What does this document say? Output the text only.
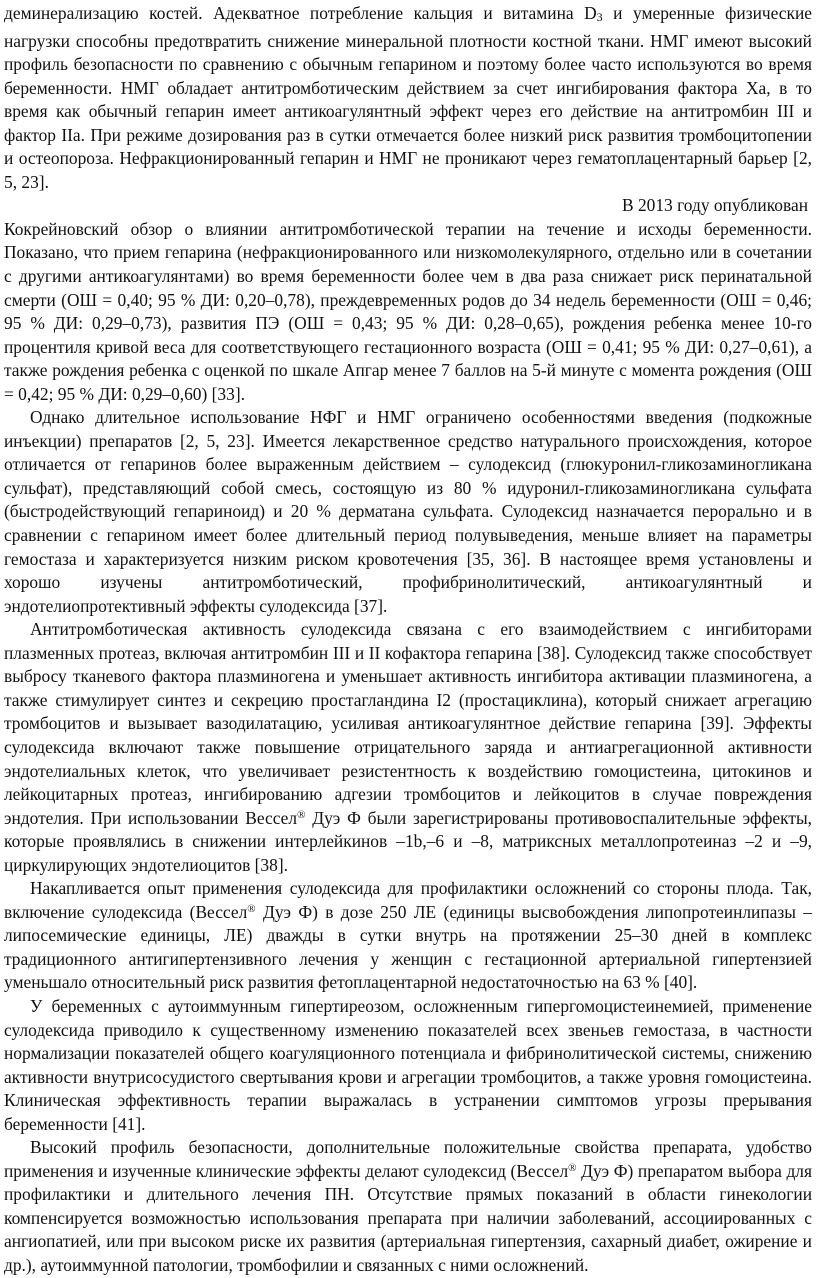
деминерализацию костей. Адекватное потребление кальция и витамина D3 и умеренные физические нагрузки способны предотвратить снижение минеральной плотности костной ткани. НМГ имеют высокий профиль безопасности по сравнению с обычным гепарином и поэтому более часто используются во время беременности. НМГ обладает антитромботическим действием за счет ингибирования фактора Ха, в то время как обычный гепарин имеет антикоагулянтный эффект через его действие на антитромбин III и фактор IIa. При режиме дозирования раз в сутки отмечается более низкий риск развития тромбоцитопении и остеопороза. Нефракционированный гепарин и НМГ не проникают через гематоплацентарный барьер [2, 5, 23].

В 2013 году опубликован

Кокрейновский обзор о влиянии антитромботической терапии на течение и исходы беременности. Показано, что прием гепарина (нефракционированного или низкомолекулярного, отдельно или в сочетании с другими антикоагулянтами) во время беременности более чем в два раза снижает риск перинатальной смерти (ОШ = 0,40; 95 % ДИ: 0,20–0,78), преждевременных родов до 34 недель беременности (ОШ = 0,46; 95 % ДИ: 0,29–0,73), развития ПЭ (ОШ = 0,43; 95 % ДИ: 0,28–0,65), рождения ребенка менее 10-го процентиля кривой веса для соответствующего гестационного возраста (ОШ = 0,41; 95 % ДИ: 0,27–0,61), а также рождения ребенка с оценкой по шкале Апгар менее 7 баллов на 5-й минуте с момента рождения (ОШ = 0,42; 95 % ДИ: 0,29–0,60) [33].

Однако длительное использование НФГ и НМГ ограничено особенностями введения (подкожные инъекции) препаратов [2, 5, 23]. Имеется лекарственное средство натурального происхождения, которое отличается от гепаринов более выраженным действием – сулодексид (глюкуронил-гликозаминогликана сульфат), представляющий собой смесь, состоящую из 80 % идуронил-гликозаминогликана сульфата (быстродействующий гепариноид) и 20 % дерматана сульфата. Сулодексид назначается перорально и в сравнении с гепарином имеет более длительный период полувыведения, меньше влияет на параметры гемостаза и характеризуется низким риском кровотечения [35, 36]. В настоящее время установлены и хорошо изучены антитромботический, профибринолитический, антикоагулянтный и эндотелиопротективный эффекты сулодексида [37].

Антитромботическая активность сулодексида связана с его взаимодействием с ингибиторами плазменных протеаз, включая антитромбин III и II кофактора гепарина [38]. Сулодексид также способствует выбросу тканевого фактора плазминогена и уменьшает активность ингибитора активации плазминогена, а также стимулирует синтез и секрецию простагландина I2 (простациклина), который снижает агрегацию тромбоцитов и вызывает вазодилатацию, усиливая антикоагулянтное действие гепарина [39]. Эффекты сулодексида включают также повышение отрицательного заряда и антиагрегационной активности эндотелиальных клеток, что увеличивает резистентность к воздействию гомоцистеина, цитокинов и лейкоцитарных протеаз, ингибированию адгезии тромбоцитов и лейкоцитов в случае повреждения эндотелия. При использовании Вессел® Дуэ Ф были зарегистрированы противовоспалительные эффекты, которые проявлялись в снижении интерлейкинов –1b,–6 и –8, матриксных металлопротеиназ –2 и –9, циркулирующих эндотелиоцитов [38].

Накапливается опыт применения сулодексида для профилактики осложнений со стороны плода. Так, включение сулодексида (Вессел® Дуэ Ф) в дозе 250 ЛЕ (единицы высвобождения липопротеинлипазы – липосемические единицы, ЛЕ) дважды в сутки внутрь на протяжении 25–30 дней в комплекс традиционного антигипертензивного лечения у женщин с гестационной артериальной гипертензией уменьшало относительный риск развития фетоплацентарной недостаточностью на 63 % [40].

У беременных с аутоиммунным гипертиреозом, осложненным гипергомоцистеинемией, применение сулодексида приводило к существенному изменению показателей всех звеньев гемостаза, в частности нормализации показателей общего коагуляционного потенциала и фибринолитической системы, снижению активности внутрисосудистого свертывания крови и агрегации тромбоцитов, а также уровня гомоцистеина. Клиническая эффективность терапии выражалась в устранении симптомов угрозы прерывания беременности [41].

Высокий профиль безопасности, дополнительные положительные свойства препарата, удобство применения и изученные клинические эффекты делают сулодексид (Вессел® Дуэ Ф) препаратом выбора для профилактики и длительного лечения ПН. Отсутствие прямых показаний в области гинекологии компенсируется возможностью использования препарата при наличии заболеваний, ассоциированных с ангиопатией, или при высоком риске их развития (артериальная гипертензия, сахарный диабет, ожирение и др.), аутоиммунной патологии, тромбофилии и связанных с ними осложнений.
